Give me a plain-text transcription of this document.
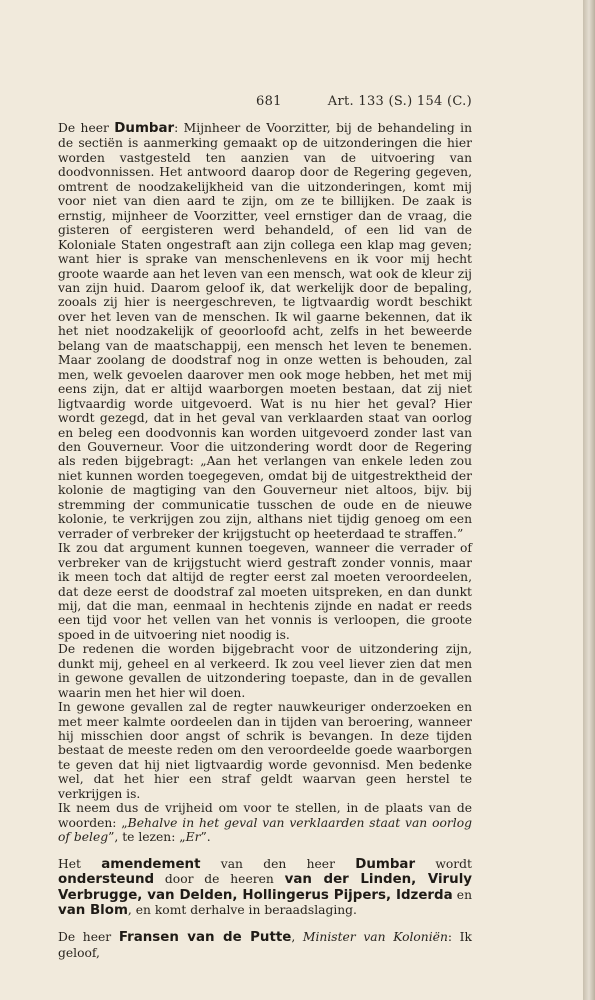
681	Art. 133 (S.) 154 (C.)

De heer Dumbar: Mijnheer de Voorzitter, bij de behandeling in de sectiën is aanmerking gemaakt op de uitzonderingen die hier worden vastgesteld ten aanzien van de uitvoering van doodvonnissen. Het antwoord daarop door de Regering gegeven, omtrent de noodzakelijkheid van die uitzonderingen, komt mij voor niet van dien aard te zijn, om ze te billijken. De zaak is ernstig, mijnheer de Voorzitter, veel ernstiger dan de vraag, die gisteren of eergisteren werd behandeld, of een lid van de Koloniale Staten ongestraft aan zijn collega een klap mag geven; want hier is sprake van menschenlevens en ik voor mij hecht groote waarde aan het leven van een mensch, wat ook de kleur zij van zijn huid. Daarom geloof ik, dat werkelijk door de bepaling, zooals zij hier is neergeschreven, te ligtvaardig wordt beschikt over het leven van de menschen. Ik wil gaarne bekennen, dat ik het niet noodzakelijk of geoorloofd acht, zelfs in het beweerde belang van de maatschappij, een mensch het leven te benemen. Maar zoolang de doodstraf nog in onze wetten is behouden, zal men, welk gevoelen daarover men ook moge hebben, het met mij eens zijn, dat er altijd waarborgen moeten bestaan, dat zij niet ligtvaardig worde uitgevoerd. Wat is nu hier het geval? Hier wordt gezegd, dat in het geval van verklaarden staat van oorlog en beleg een doodvonnis kan worden uitgevoerd zonder last van den Gouverneur. Voor die uitzondering wordt door de Regering als reden bijgebragt: „Aan het verlangen van enkele leden zou niet kunnen worden toegegeven, omdat bij de uitgestrektheid der kolonie de magtiging van den Gouverneur niet altoos, bijv. bij stremming der communicatie tusschen de oude en de nieuwe kolonie, te verkrijgen zou zijn, althans niet tijdig genoeg om een verrader of verbreker der krijgstucht op heeterdaad te straffen.”

Ik zou dat argument kunnen toegeven, wanneer die verrader of verbreker van de krijgstucht wierd gestraft zonder vonnis, maar ik meen toch dat altijd de regter eerst zal moeten veroordeelen, dat deze eerst de doodstraf zal moeten uitspreken, en dan dunkt mij, dat die man, eenmaal in hechtenis zijnde en nadat er reeds een tijd voor het vellen van het vonnis is verloopen, die groote spoed in de uitvoering niet noodig is.

De redenen die worden bijgebracht voor de uitzondering zijn, dunkt mij, geheel en al verkeerd. Ik zou veel liever zien dat men in gewone gevallen de uitzondering toepaste, dan in de gevallen waarin men het hier wil doen.

In gewone gevallen zal de regter nauwkeuriger onderzoeken en met meer kalmte oordeelen dan in tijden van beroering, wanneer hij misschien door angst of schrik is bevangen. In deze tijden bestaat de meeste reden om den veroordeelde goede waarborgen te geven dat hij niet ligtvaardig worde gevonnisd. Men bedenke wel, dat het hier een straf geldt waarvan geen herstel te verkrijgen is.

Ik neem dus de vrijheid om voor te stellen, in de plaats van de woorden: „Behalve in het geval van verklaarden staat van oorlog of beleg”, te lezen: „Er”.

Het amendement van den heer Dumbar wordt ondersteund door de heeren van der Linden, Viruly Verbrugge, van Delden, Hollingerus Pijpers, Idzerda en van Blom, en komt derhalve in beraadslaging.

De heer Fransen van de Putte, Minister van Koloniën: Ik geloof,
